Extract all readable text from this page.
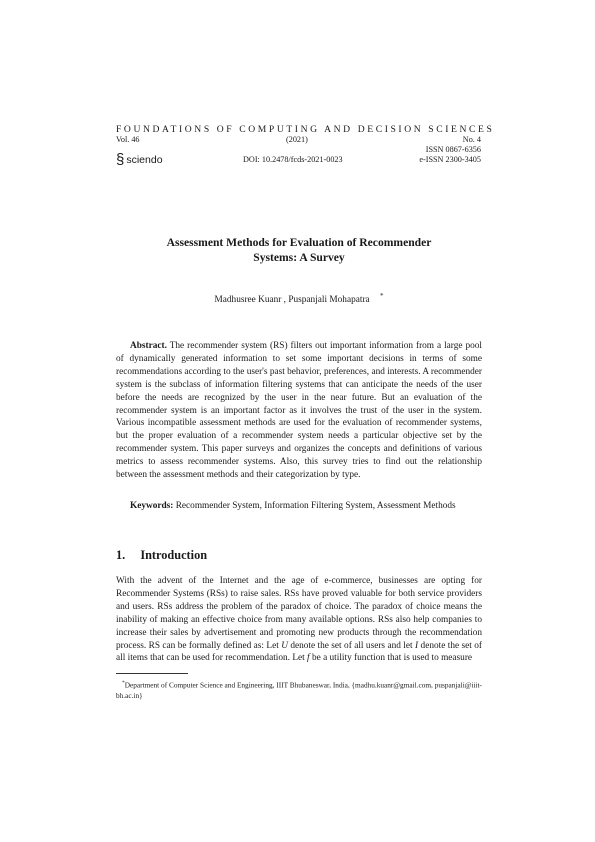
FOUNDATIONS OF COMPUTING AND DECISION SCIENCES
Vol. 46	(2021)	No. 4
ISSN 0867-6356
DOI: 10.2478/fcds-2021-0023	e-ISSN 2300-3405
§ sciendo
Assessment Methods for Evaluation of Recommender
Systems: A Survey
Madhusree Kuanr , Puspanjali Mohapatra *
Abstract. The recommender system (RS) filters out important information from a large pool of dynamically generated information to set some important decisions in terms of some recommendations according to the user's past behavior, preferences, and interests. A recommender system is the subclass of information filtering systems that can anticipate the needs of the user before the needs are recognized by the user in the near future. But an evaluation of the recommender system is an important factor as it involves the trust of the user in the system. Various incompatible assessment methods are used for the evaluation of recommender systems, but the proper evaluation of a recommender system needs a particular objective set by the recommender system. This paper surveys and organizes the concepts and definitions of various metrics to assess recommender systems. Also, this survey tries to find out the relationship between the assessment methods and their categorization by type.
Keywords: Recommender System, Information Filtering System, Assessment Methods
1. Introduction
With the advent of the Internet and the age of e-commerce, businesses are opting for Recommender Systems (RSs) to raise sales. RSs have proved valuable for both service providers and users. RSs address the problem of the paradox of choice. The paradox of choice means the inability of making an effective choice from many available options. RSs also help companies to increase their sales by advertisement and promoting new products through the recommendation process. RS can be formally defined as: Let U denote the set of all users and let I denote the set of all items that can be used for recommendation. Let f be a utility function that is used to measure
*Department of Computer Science and Engineering, IIIT Bhubaneswar, India, {madhu.kuanr@gmail.com, puspanjali@iiit-bh.ac.in}
